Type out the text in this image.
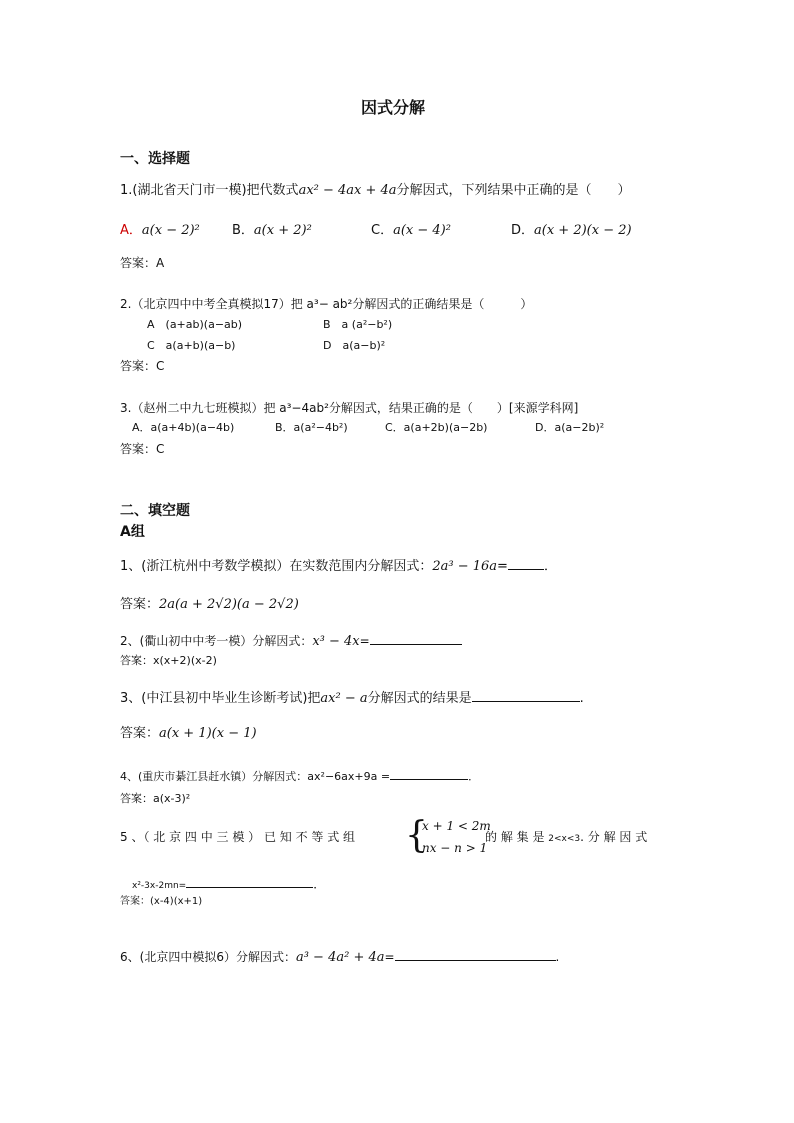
因式分解
一、选择题
1.(湖北省天门市一模)把代数式ax² − 4ax + 4a分解因式，下列结果中正确的是（　　）
A．a(x − 2)² B．a(x + 2)²	C．a(x − 4)²	D．a(x + 2)(x − 2)
答案：A
2.（北京四中中考全真模拟17）把 a³− ab²分解因式的正确结果是（　　　）
A　(a+ab)(a−ab)	B　a (a²−b²)
C　a(a+b)(a−b)	D　a(a−b)²
答案：C
3.（赵州二中九七班模拟）把 a³−4ab²分解因式，结果正确的是（　　）[来源学科网]
A．a(a+4b)(a−4b)	B．a(a²−4b²)	C．a(a+2b)(a−2b)	D．a(a−2b)²
答案：C
二、填空题
A组
1、(浙江杭州中考数学模拟）在实数范围内分解因式：2a³ − 16a=	．
答案：2a(a + 2√2)(a − 2√2)
2、(衢山初中中考一模）分解因式：x³ − 4x=
答案：x(x+2)(x-2)
3、(中江县初中毕业生诊断考试)把ax² − a分解因式的结果是	.
答案：a(x + 1)(x − 1)
4、(重庆市綦江县赶水镇）分解因式：ax²−6ax+9a =	．
答案：a(x-3)²
5 、（ 北 京 四 中 三 模 ） 已 知 不 等 式 组 {
x + 1 < 2m
nx − n > 1
的 解 集 是 2<x<3. 分 解 因 式
x²-3x-2mn=	．
答案：(x-4)(x+1)
6、(北京四中模拟6）分解因式：a³ − 4a² + 4a=	.
